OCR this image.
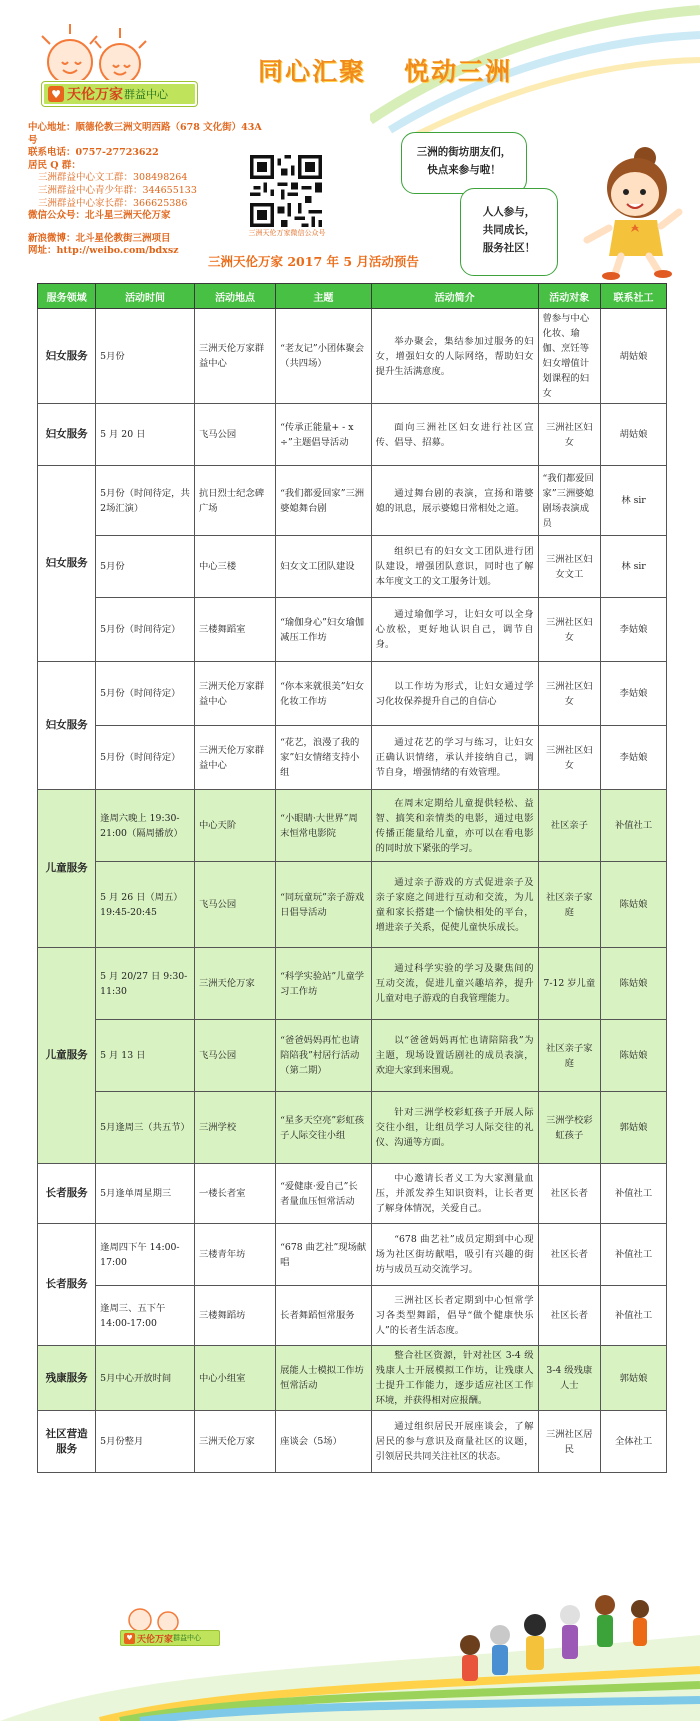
♥ 天伦万家 群益中心
同心汇聚 悦动三洲
中心地址：顺德伦教三洲文明西路（678 文化街）43A 号
联系电话：0757-27723622
居民 Q 群：
三洲群益中心文工群：308498264
三洲群益中心青少年群：344655133
三洲群益中心家长群：366625386
微信公众号：北斗星三洲天伦万家
新浪微博：北斗星伦教街三洲项目
网址：http://weibo.com/bdxsz
三洲天伦万家微信公众号
三洲的街坊朋友们，
快点来参与啦！
人人参与，
共同成长，
服务社区！
三洲天伦万家 2017 年 5 月活动预告
服务领域	活动时间	活动地点	主题	活动简介	活动对象	联系社工
妇女服务	5月份	三洲天伦万家群益中心	“老友记”小团体聚会（共四场）	举办聚会，集结参加过服务的妇女，增强妇女的人际网络，帮助妇女提升生活满意度。	曾参与中心化妆、瑜伽、烹饪等妇女增值计划课程的妇女	胡姑娘
妇女服务	5 月 20 日	飞马公园	“传承正能量+ - x ÷”主题倡导活动	面向三洲社区妇女进行社区宣传、倡导、招募。	三洲社区妇女	胡姑娘
妇女服务	5月份（时间待定，共2场汇演）	抗日烈士纪念碑广场	“我们都爱回家”三洲婆媳舞台剧	通过舞台剧的表演，宣扬和谐婆媳的讯息，展示婆媳日常相处之道。	“我们都爱回家”三洲婆媳剧场表演成员	林 sir
	5月份	中心三楼	妇女文工团队建设	组织已有的妇女文工团队进行团队建设，增强团队意识，同时也了解本年度文工的文工服务计划。	三洲社区妇女文工	林 sir
	5月份（时间待定）	三楼舞蹈室	“瑜伽身心”妇女瑜伽减压工作坊	通过瑜伽学习，让妇女可以全身心放松，更好地认识自己，调节自身。	三洲社区妇女	李姑娘
妇女服务	5月份（时间待定）	三洲天伦万家群益中心	“你本来就很美”妇女化妆工作坊	以工作坊为形式，让妇女通过学习化妆保养提升自己的自信心	三洲社区妇女	李姑娘
	5月份（时间待定）	三洲天伦万家群益中心	“花艺，浪漫了我的家”妇女情绪支持小组	通过花艺的学习与练习，让妇女正确认识情绪，承认并接纳自己，调节自身，增强情绪的有效管理。	三洲社区妇女	李姑娘
儿童服务	逢周六晚上 19:30-21:00（隔周播放）	中心天阶	“小眼睛·大世界”周末恒常电影院	在周末定期给儿童提供轻松、益智、搞笑和亲情类的电影，通过电影传播正能量给儿童，亦可以在看电影的同时放下紧张的学习。	社区亲子	补值社工
	5 月 26 日（周五）19:45-20:45	飞马公园	“同玩童玩”亲子游戏日倡导活动	通过亲子游戏的方式促进亲子及亲子家庭之间进行互动和交流，为儿童和家长搭建一个愉快相处的平台，增进亲子关系，促使儿童快乐成长。	社区亲子家庭	陈姑娘
儿童服务	5 月 20/27 日 9:30-11:30	三洲天伦万家	“科学实验站”儿童学习工作坊	通过科学实验的学习及聚焦间的互动交流，促进儿童兴趣培养，提升儿童对电子游戏的自我管理能力。	7-12 岁儿童	陈姑娘
	5 月 13 日	飞马公园	“爸爸妈妈再忙也请陪陪我”村居行活动（第二期）	以“爸爸妈妈再忙也请陪陪我”为主题，现场设置话剧社的成员表演，欢迎大家到来围观。	社区亲子家庭	陈姑娘
	5月逢周三（共五节）	三洲学校	“星多天空亮”彩虹孩子人际交往小组	针对三洲学校彩虹孩子开展人际交往小组，让组员学习人际交往的礼仪、沟通等方面。	三洲学校彩虹孩子	郭姑娘
长者服务	5月逢单周星期三	一楼长者室	“爱健康·爱自己”长者量血压恒常活动	中心邀请长者义工为大家测量血压，并派发养生知识资料，让长者更了解身体情况，关爱自己。	社区长者	补值社工
长者服务	逢周四下午 14:00-17:00	三楼青年坊	“678 曲艺社”现场献唱	“678 曲艺社”成员定期到中心现场为社区街坊献唱，吸引有兴趣的街坊与成员互动交流学习。	社区长者	补值社工
	逢周三、五下午 14:00-17:00	三楼舞蹈坊	长者舞蹈恒常服务	三洲社区长者定期到中心恒常学习各类型舞蹈，倡导“做个健康快乐人”的长者生活态度。	社区长者	补值社工
残康服务	5月中心开放时间	中心小组室	展能人士模拟工作坊恒常活动	整合社区资源，针对社区 3-4 级残康人士开展模拟工作坊，让残康人士提升工作能力，逐步适应社区工作环境，并获得相对应报酬。	3-4 级残康人士	郭姑娘
社区营造服务	5月份整月	三洲天伦万家	座谈会（5场）	通过组织居民开展座谈会，了解居民的参与意识及商量社区的议题，引领居民共同关注社区的状态。	三洲社区居民	全体社工
♥ 天伦万家 群益中心
